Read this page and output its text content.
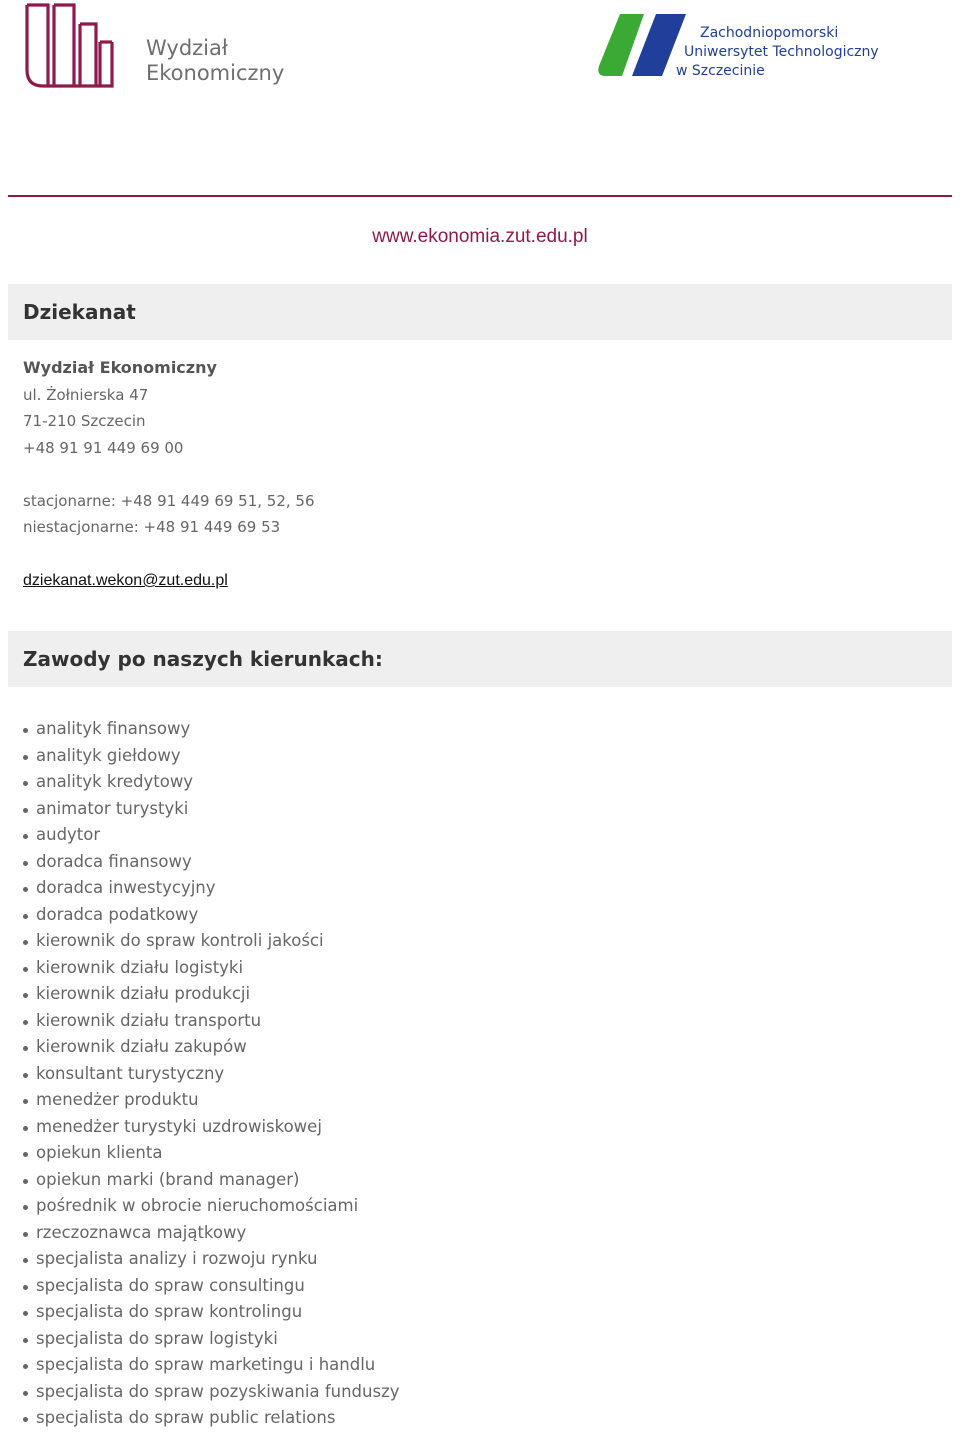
Wydział
Ekonomiczny
Zachodniopomorski
Uniwersytet Technologiczny
w Szczecinie
www.ekonomia.zut.edu.pl
Dziekanat
Wydział Ekonomiczny
ul. Żołnierska 47
71-210 Szczecin
+48 91 91 449 69 00
stacjonarne: +48 91 449 69 51, 52, 56
niestacjonarne: +48 91 449 69 53
dziekanat.wekon@zut.edu.pl
Zawody po naszych kierunkach:
analityk finansowy
analityk giełdowy
analityk kredytowy
animator turystyki
audytor
doradca finansowy
doradca inwestycyjny
doradca podatkowy
kierownik do spraw kontroli jakości
kierownik działu logistyki
kierownik działu produkcji
kierownik działu transportu
kierownik działu zakupów
konsultant turystyczny
menedżer produktu
menedżer turystyki uzdrowiskowej
opiekun klienta
opiekun marki (brand manager)
pośrednik w obrocie nieruchomościami
rzeczoznawca majątkowy
specjalista analizy i rozwoju rynku
specjalista do spraw consultingu
specjalista do spraw kontrolingu
specjalista do spraw logistyki
specjalista do spraw marketingu i handlu
specjalista do spraw pozyskiwania funduszy
specjalista do spraw public relations
